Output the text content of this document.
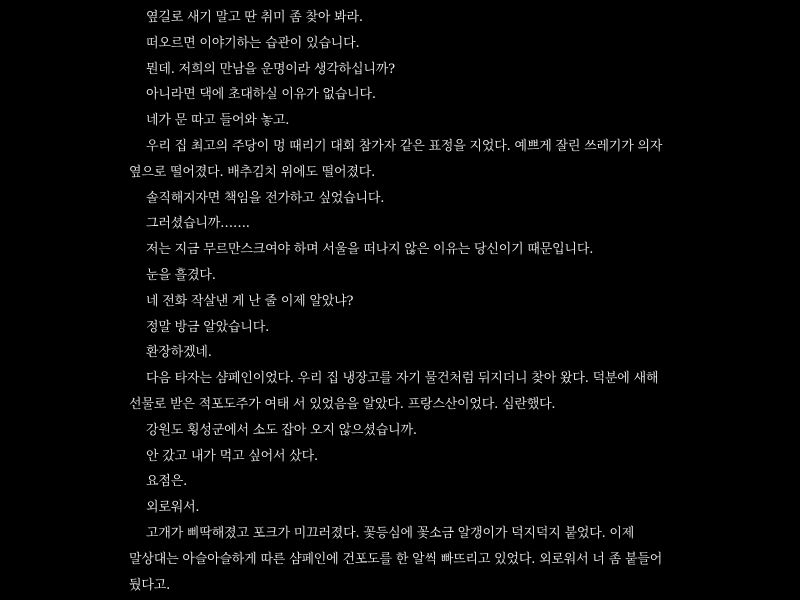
옆길로 새기 말고 딴 취미 좀 찾아 봐라.

떠오르면 이야기하는 습관이 있습니다.

뭔데. 저희의 만남을 운명이라 생각하십니까?

아니라면 댁에 초대하실 이유가 없습니다.

네가 문 따고 들어와 놓고.

우리 집 최고의 주당이 멍 때리기 대회 참가자 같은 표정을 지었다. 예쁘게 잘린 쓰레기가 의자 옆으로 떨어졌다. 배추김치 위에도 떨어졌다.

솔직해지자면 책임을 전가하고 싶었습니다.

그러셨습니까…….

저는 지금 무르만스크여야 하며 서울을 떠나지 않은 이유는 당신이기 때문입니다.

눈을 흘겼다.

네 전화 작살낸 게 난 줄 이제 알았냐?

정말 방금 알았습니다.

환장하겠네.

다음 타자는 샴페인이었다. 우리 집 냉장고를 자기 물건처럼 뒤지더니 찾아 왔다. 덕분에 새해 선물로 받은 적포도주가 여태 서 있었음을 알았다. 프랑스산이었다. 심란했다.

강원도 횡성군에서 소도 잡아 오지 않으셨습니까.

안 갔고 내가 먹고 싶어서 샀다.

요점은.

외로워서.

고개가 삐딱해졌고 포크가 미끄러졌다. 꽃등심에 꽃소금 알갱이가 덕지덕지 붙었다. 이제 말상대는 아슬아슬하게 따른 샴페인에 건포도를 한 알씩 빠뜨리고 있었다. 외로워서 너 좀 붙들어 뒀다고.
